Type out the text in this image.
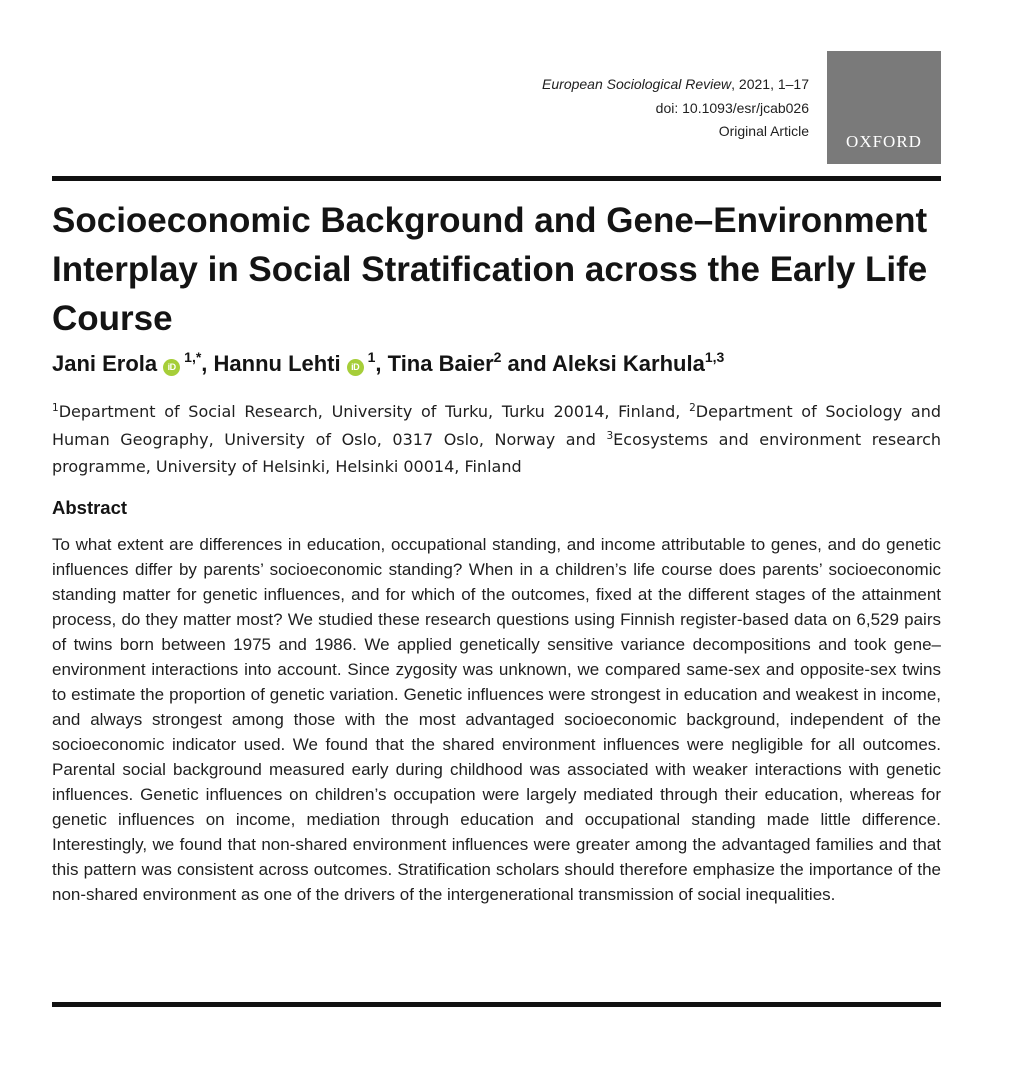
European Sociological Review, 2021, 1–17
doi: 10.1093/esr/jcab026
Original Article
OXFORD
Socioeconomic Background and Gene–Environment Interplay in Social Stratification across the Early Life Course
Jani Erola $iD^{1,*}$, Hannu Lehti $iD^1$, Tina Baier$^2$ and Aleksi Karhula$^{1,3}$
$^1$Department of Social Research, University of Turku, Turku 20014, Finland, $^2$Department of Sociology and Human Geography, University of Oslo, 0317 Oslo, Norway and $^3$Ecosystems and environment research programme, University of Helsinki, Helsinki 00014, Finland
Abstract

To what extent are differences in education, occupational standing, and income attributable to genes, and do genetic influences differ by parents’ socioeconomic standing? When in a children’s life course does parents’ socioeconomic standing matter for genetic influences, and for which of the outcomes, fixed at the different stages of the attainment process, do they matter most? We studied these research questions using Finnish register-based data on 6,529 pairs of twins born between 1975 and 1986. We applied genetically sensitive variance decompositions and took gene–environment interactions into account. Since zygosity was unknown, we compared same-sex and opposite-sex twins to estimate the proportion of genetic variation. Genetic influences were strongest in education and weakest in income, and always strongest among those with the most advantaged socioeconomic background, independent of the socioeconomic indicator used. We found that the shared environment influences were negligible for all outcomes. Parental social background measured early during childhood was associated with weaker interactions with genetic influences. Genetic influences on children’s occupation were largely mediated through their education, whereas for genetic influences on income, mediation through education and occupational standing made little difference. Interestingly, we found that non-shared environment influences were greater among the advantaged families and that this pattern was consistent across outcomes. Stratification scholars should therefore emphasize the importance of the non-shared environment as one of the drivers of the intergenerational transmission of social inequalities.
